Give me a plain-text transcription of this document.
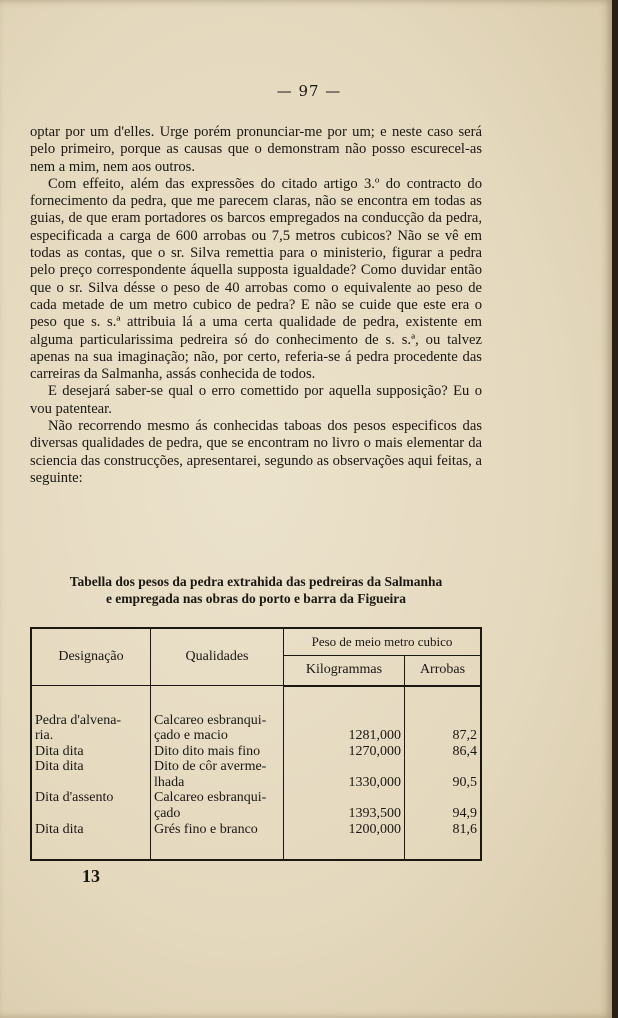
— 97 —

optar por um d'elles. Urge porém pronunciar-me por um; e neste caso será pelo primeiro, porque as causas que o demonstram não posso escurecel-as nem a mim, nem aos outros.

Com effeito, além das expressões do citado artigo 3.º do contracto do fornecimento da pedra, que me parecem claras, não se encontra em todas as guias, de que eram portadores os barcos empregados na conducção da pedra, especificada a carga de 600 arrobas ou 7,5 metros cubicos? Não se vê em todas as contas, que o sr. Silva remettia para o ministerio, figurar a pedra pelo preço correspondente áquella supposta igualdade? Como duvidar então que o sr. Silva désse o peso de 40 arrobas como o equivalente ao peso de cada metade de um metro cubico de pedra? E não se cuide que este era o peso que s. s.ª attribuia lá a uma certa qualidade de pedra, existente em alguma particularissima pedreira só do conhecimento de s. s.ª, ou talvez apenas na sua imaginação; não, por certo, referia-se á pedra procedente das carreiras da Salmanha, assás conhecida de todos.

E desejará saber-se qual o erro comettido por aquella supposição? Eu o vou patentear.

Não recorrendo mesmo ás conhecidas taboas dos pesos especificos das diversas qualidades de pedra, que se encontram no livro o mais elementar da sciencia das construcções, apresentarei, segundo as observações aqui feitas, a seguinte:

Tabella dos pesos da pedra extrahida das pedreiras da Salmanha
e empregada nas obras do porto e barra da Figueira
Designação	Qualidades	Peso de meio metro cubico	
		Kilogrammas	Arrobas

Pedra d'alvena-
ria.	Calcareo esbranqui-
çado e macio	1281,000	87,2

Dita dita	Dito dito mais fino	1270,000	86,4

Dita dita	Dito de côr averme-
lhada	1330,000	90,5

Dita d'assento	Calcareo esbranqui-
çado	1393,500	94,9

Dita dita	Grés fino e branco	1200,000	81,6

13
